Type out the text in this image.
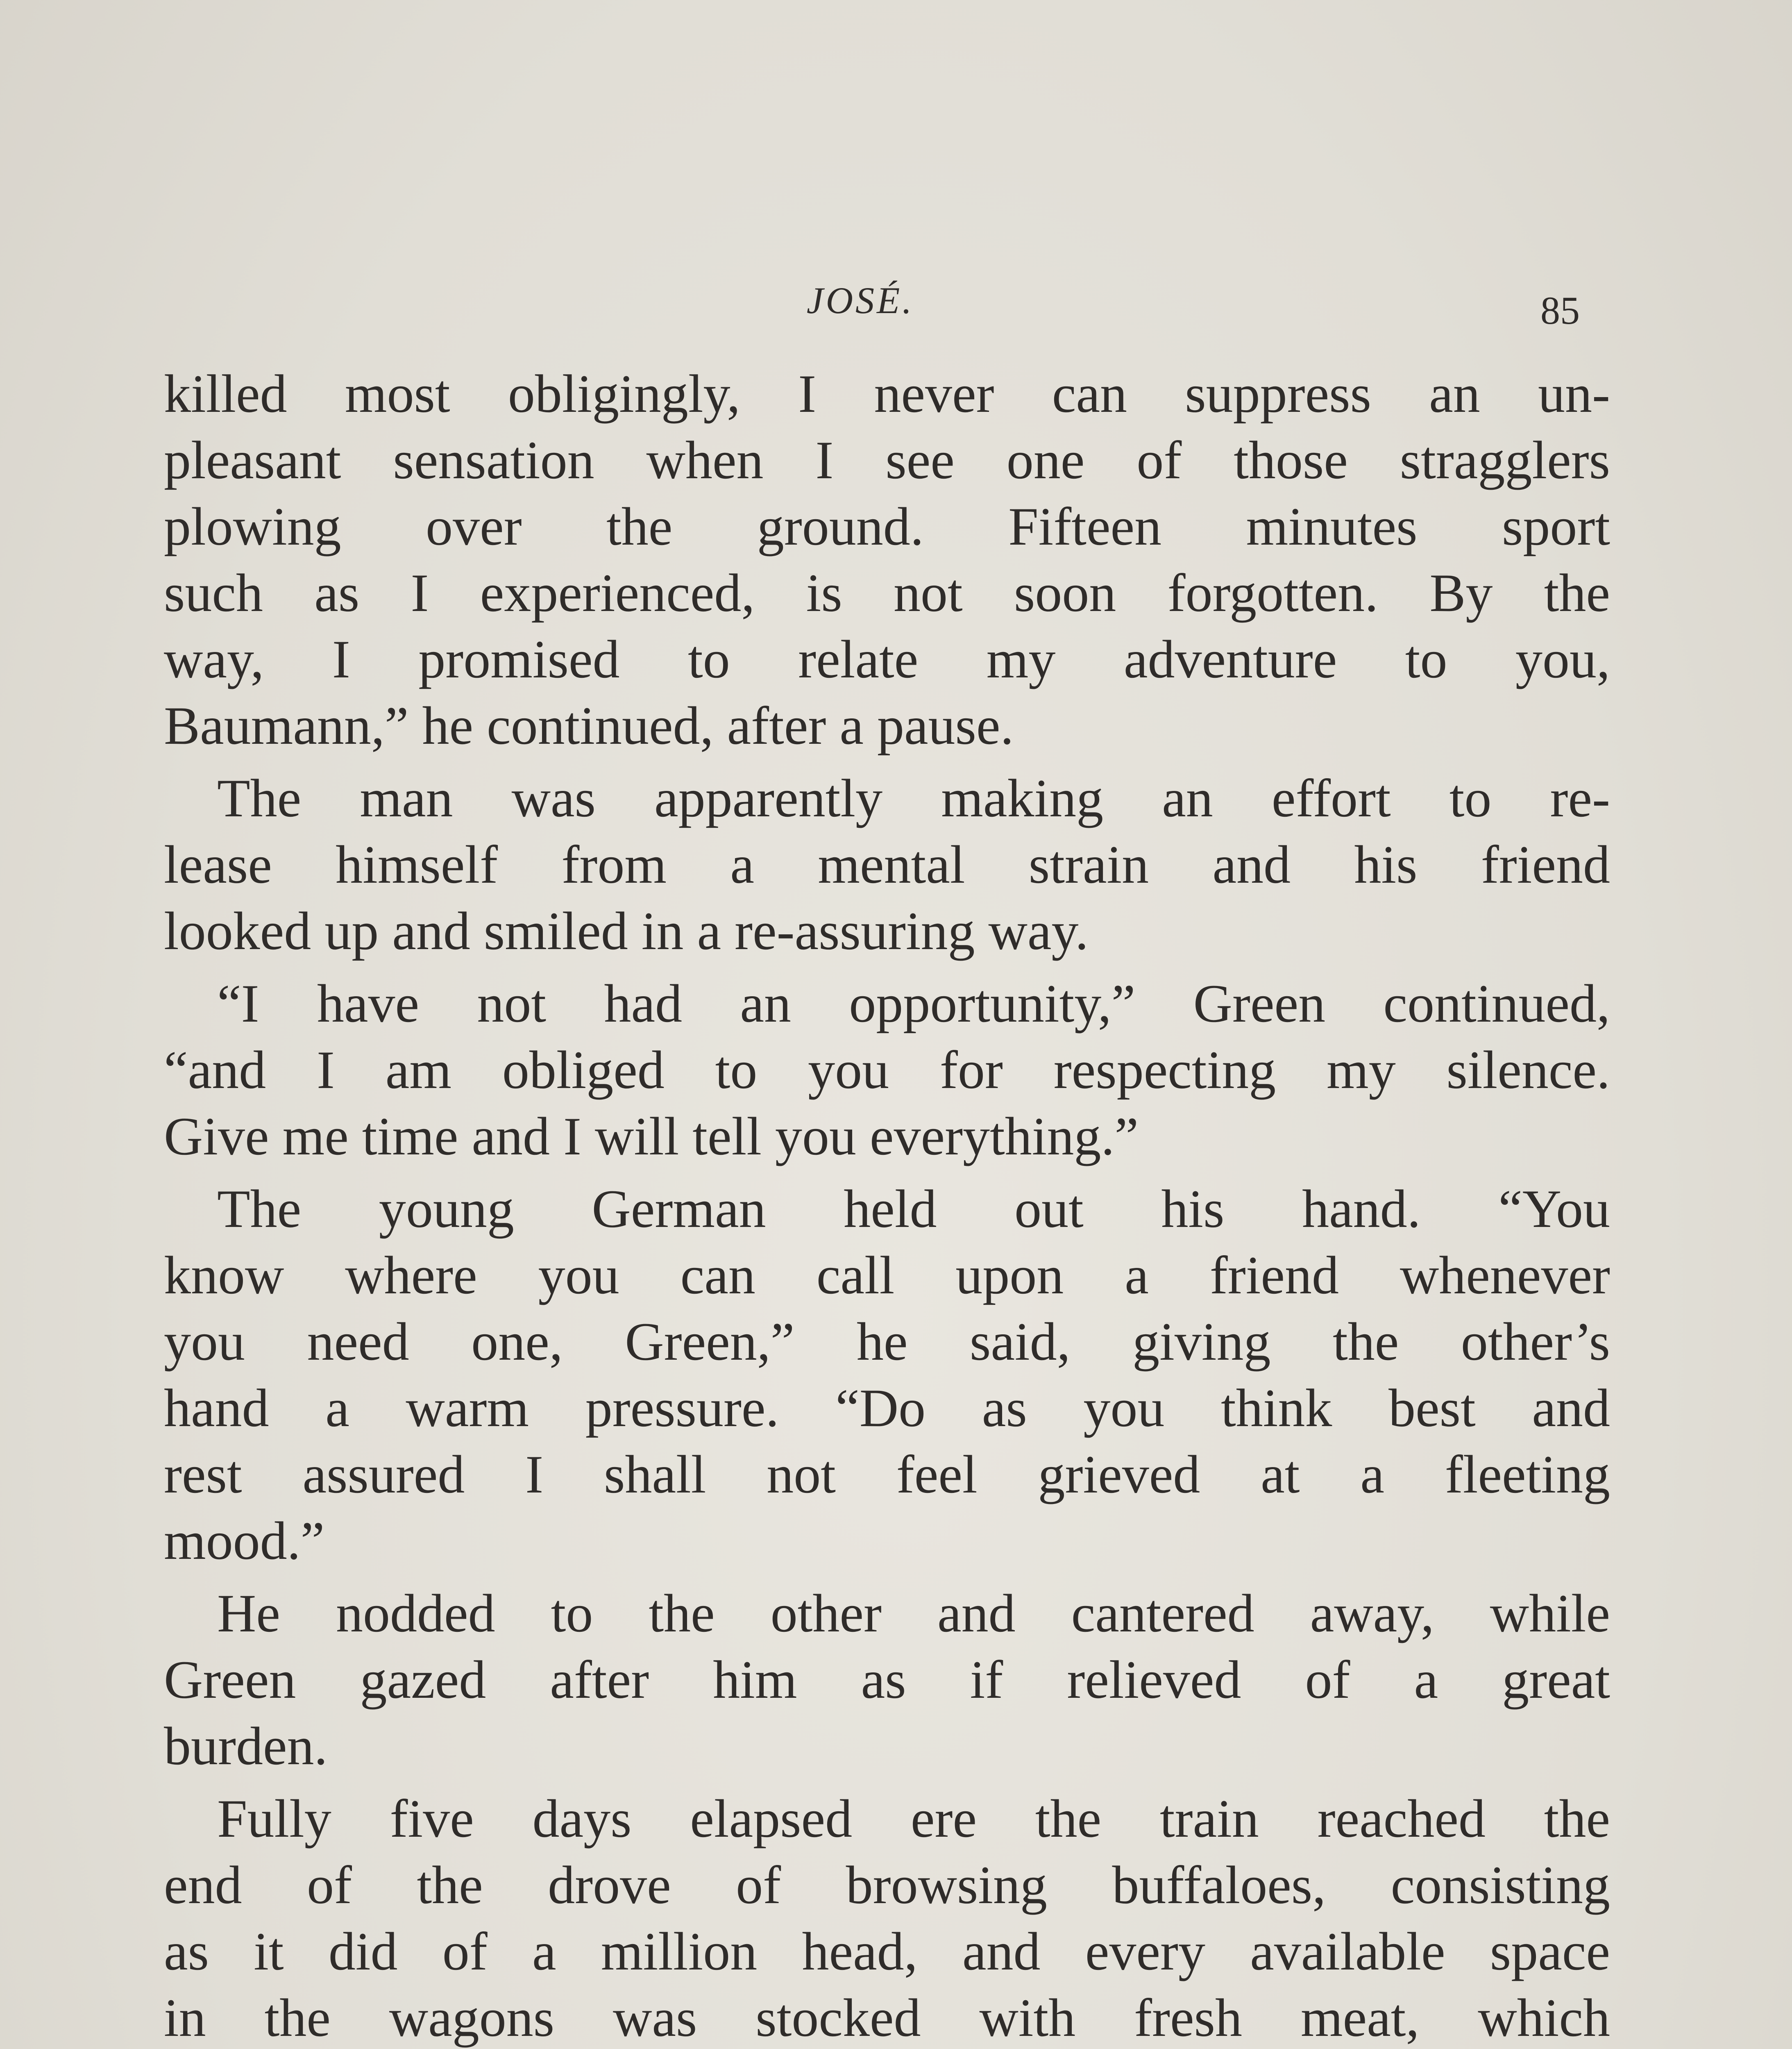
JOSÉ.	85
killed most obligingly, I never can suppress an un-
pleasant sensation when I see one of those stragglers
plowing over the ground. Fifteen minutes sport
such as I experienced, is not soon forgotten. By the
way, I promised to relate my adventure to you,
Baumann,” he continued, after a pause.
The man was apparently making an effort to re-
lease himself from a mental strain and his friend
looked up and smiled in a re-assuring way.
“I have not had an opportunity,” Green continued,
“and I am obliged to you for respecting my silence.
Give me time and I will tell you everything.”
The young German held out his hand. “You
know where you can call upon a friend whenever
you need one, Green,” he said, giving the other’s
hand a warm pressure. “Do as you think best and
rest assured I shall not feel grieved at a fleeting
mood.”
He nodded to the other and cantered away, while
Green gazed after him as if relieved of a great
burden.
Fully five days elapsed ere the train reached the
end of the drove of browsing buffaloes, consisting
as it did of a million head, and every available space
in the wagons was stocked with fresh meat, which
